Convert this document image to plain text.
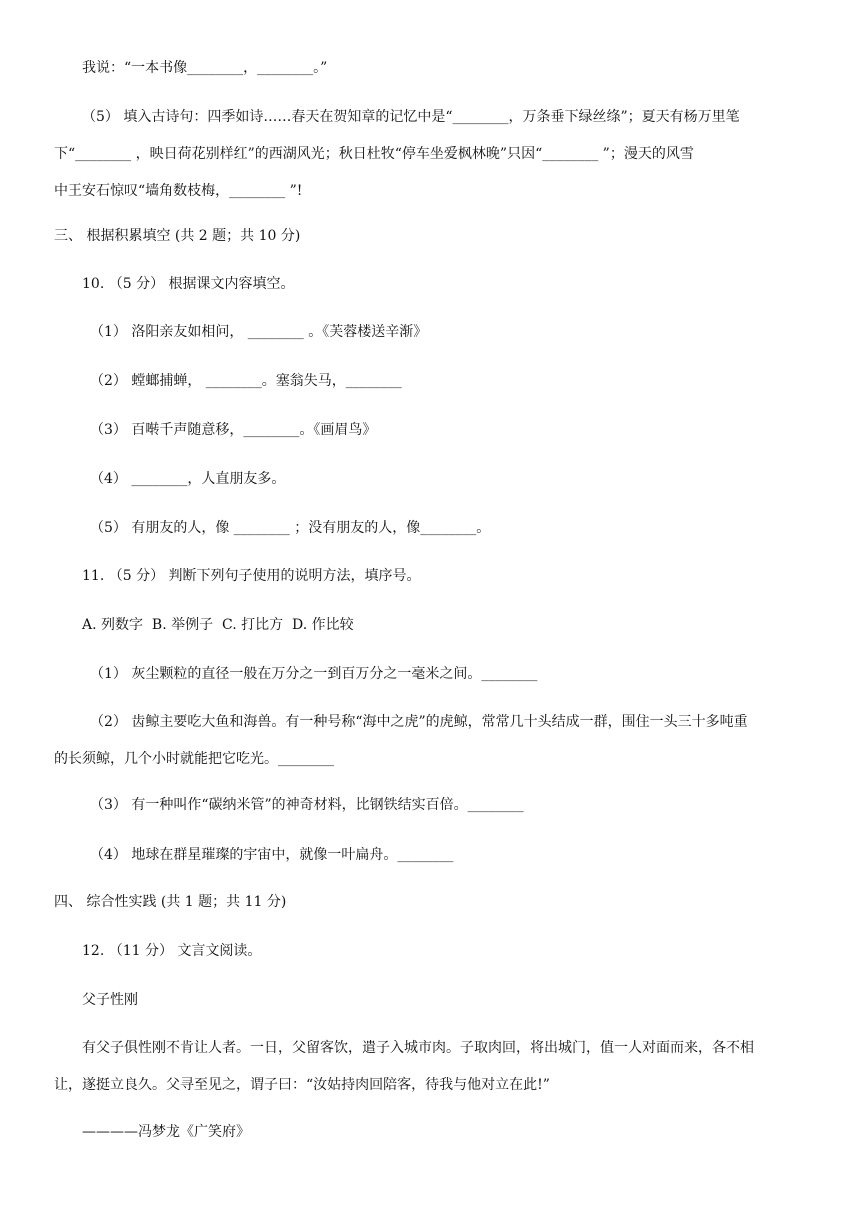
我说：“一本书像________，________。”
（5） 填入古诗句：四季如诗……春天在贺知章的记忆中是“________，万条垂下绿丝绦”；夏天有杨万里笔
下“________ ，映日荷花别样红”的西湖风光；秋日杜牧“停车坐爱枫林晚”只因“________ ”；漫天的风雪
中王安石惊叹“墙角数枝梅，________ ”!
三、 根据积累填空 (共 2 题；共 10 分)
10. （5 分） 根据课文内容填空。
（1） 洛阳亲友如相问， ________ 。《芙蓉楼送辛渐》
（2） 螳螂捕蝉， ________。塞翁失马，________
（3） 百啭千声随意移，________。《画眉鸟》
（4） ________，人直朋友多。
（5） 有朋友的人，像 ________ ；没有朋友的人，像________。
11. （5 分） 判断下列句子使用的说明方法，填序号。
A. 列数字  B. 举例子  C. 打比方  D. 作比较
（1） 灰尘颗粒的直径一般在万分之一到百万分之一毫米之间。________
（2） 齿鲸主要吃大鱼和海兽。有一种号称“海中之虎”的虎鲸，常常几十头结成一群，围住一头三十多吨重
的长须鲸，几个小时就能把它吃光。________
（3） 有一种叫作“碳纳米管”的神奇材料，比钢铁结实百倍。________
（4） 地球在群星璀璨的宇宙中，就像一叶扁舟。________
四、 综合性实践 (共 1 题；共 11 分)
12. （11 分） 文言文阅读。
父子性刚
有父子俱性刚不肯让人者。一日，父留客饮，遣子入城市肉。子取肉回，将出城门，值一人对面而来，各不相
让，遂挺立良久。父寻至见之，谓子曰：“汝姑持肉回陪客，待我与他对立在此!”
————冯梦龙《广笑府》
